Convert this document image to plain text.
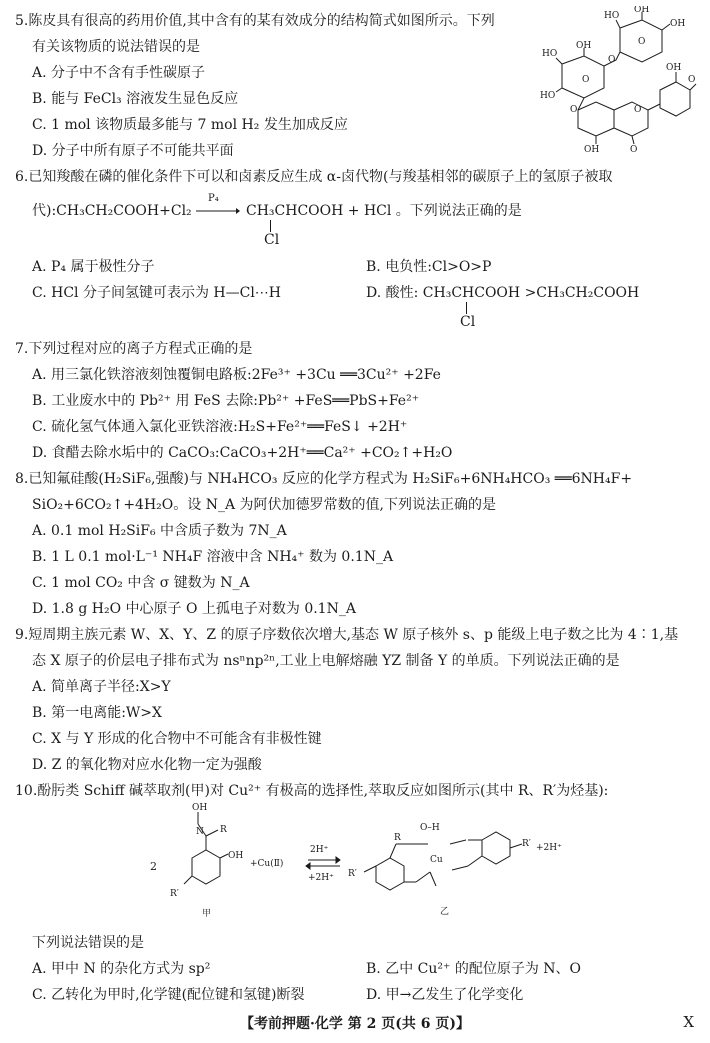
5.陈皮具有很高的药用价值,其中含有的某有效成分的结构简式如图所示。下列
有关该物质的说法错误的是
A. 分子中不含有手性碳原子
B. 能与 FeCl₃ 溶液发生显色反应
C. 1 mol 该物质最多能与 7 mol H₂ 发生加成反应
D. 分子中所有原子不可能共平面
HO
OH
OH
HO
O
O
OH
HO
O
O	O
OH	O
OH
O
6.已知羧酸在磷的催化条件下可以和卤素反应生成 α-卤代物(与羧基相邻的碳原子上的氢原子被取
代):CH₃CH₂COOH+Cl₂
P₄
CH₃CHCOOH + HCl 。下列说法正确的是
Cl
A. P₄ 属于极性分子	B. 电负性:Cl>O>P
C. HCl 分子间氢键可表示为 H—Cl⋯H	D. 酸性: CH₃CHCOOH >CH₃CH₂COOH
Cl
7.下列过程对应的离子方程式正确的是
A. 用三氯化铁溶液刻蚀覆铜电路板:2Fe³⁺ +3Cu ══3Cu²⁺ +2Fe
B. 工业废水中的 Pb²⁺ 用 FeS 去除:Pb²⁺ +FeS══PbS+Fe²⁺
C. 硫化氢气体通入氯化亚铁溶液:H₂S+Fe²⁺══FeS↓ +2H⁺
D. 食醋去除水垢中的 CaCO₃:CaCO₃+2H⁺══Ca²⁺ +CO₂↑+H₂O
8.已知氟硅酸(H₂SiF₆,强酸)与 NH₄HCO₃ 反应的化学方程式为 H₂SiF₆+6NH₄HCO₃ ══6NH₄F+
SiO₂+6CO₂↑+4H₂O。设 N_A 为阿伏加德罗常数的值,下列说法正确的是
A. 0.1 mol H₂SiF₆ 中含质子数为 7N_A
B. 1 L 0.1 mol·L⁻¹ NH₄F 溶液中含 NH₄⁺ 数为 0.1N_A
C. 1 mol CO₂ 中含 σ 键数为 N_A
D. 1.8 g H₂O 中心原子 O 上孤电子对数为 0.1N_A
9.短周期主族元素 W、X、Y、Z 的原子序数依次增大,基态 W 原子核外 s、p 能级上电子数之比为 4∶1,基
态 X 原子的价层电子排布式为 nsⁿnp²ⁿ,工业上电解熔融 YZ 制备 Y 的单质。下列说法正确的是
A. 简单离子半径:X>Y
B. 第一电离能:W>X
C. X 与 Y 形成的化合物中不可能含有非极性键
D. Z 的氧化物对应水化物一定为强酸
10.酚肟类 Schiff 碱萃取剂(甲)对 Cu²⁺ 有极高的选择性,萃取反应如图所示(其中 R、R′为烃基):
2
OH
N R
OH
R′
甲
+Cu(Ⅱ)
2H⁺
+2H⁺
O–H
Cu
R′ +2H⁺
R′
R
乙
下列说法错误的是
A. 甲中 N 的杂化方式为 sp²	B. 乙中 Cu²⁺ 的配位原子为 N、O
C. 乙转化为甲时,化学键(配位键和氢键)断裂	D. 甲→乙发生了化学变化
【考前押题·化学 第 2 页(共 6 页)】	X
